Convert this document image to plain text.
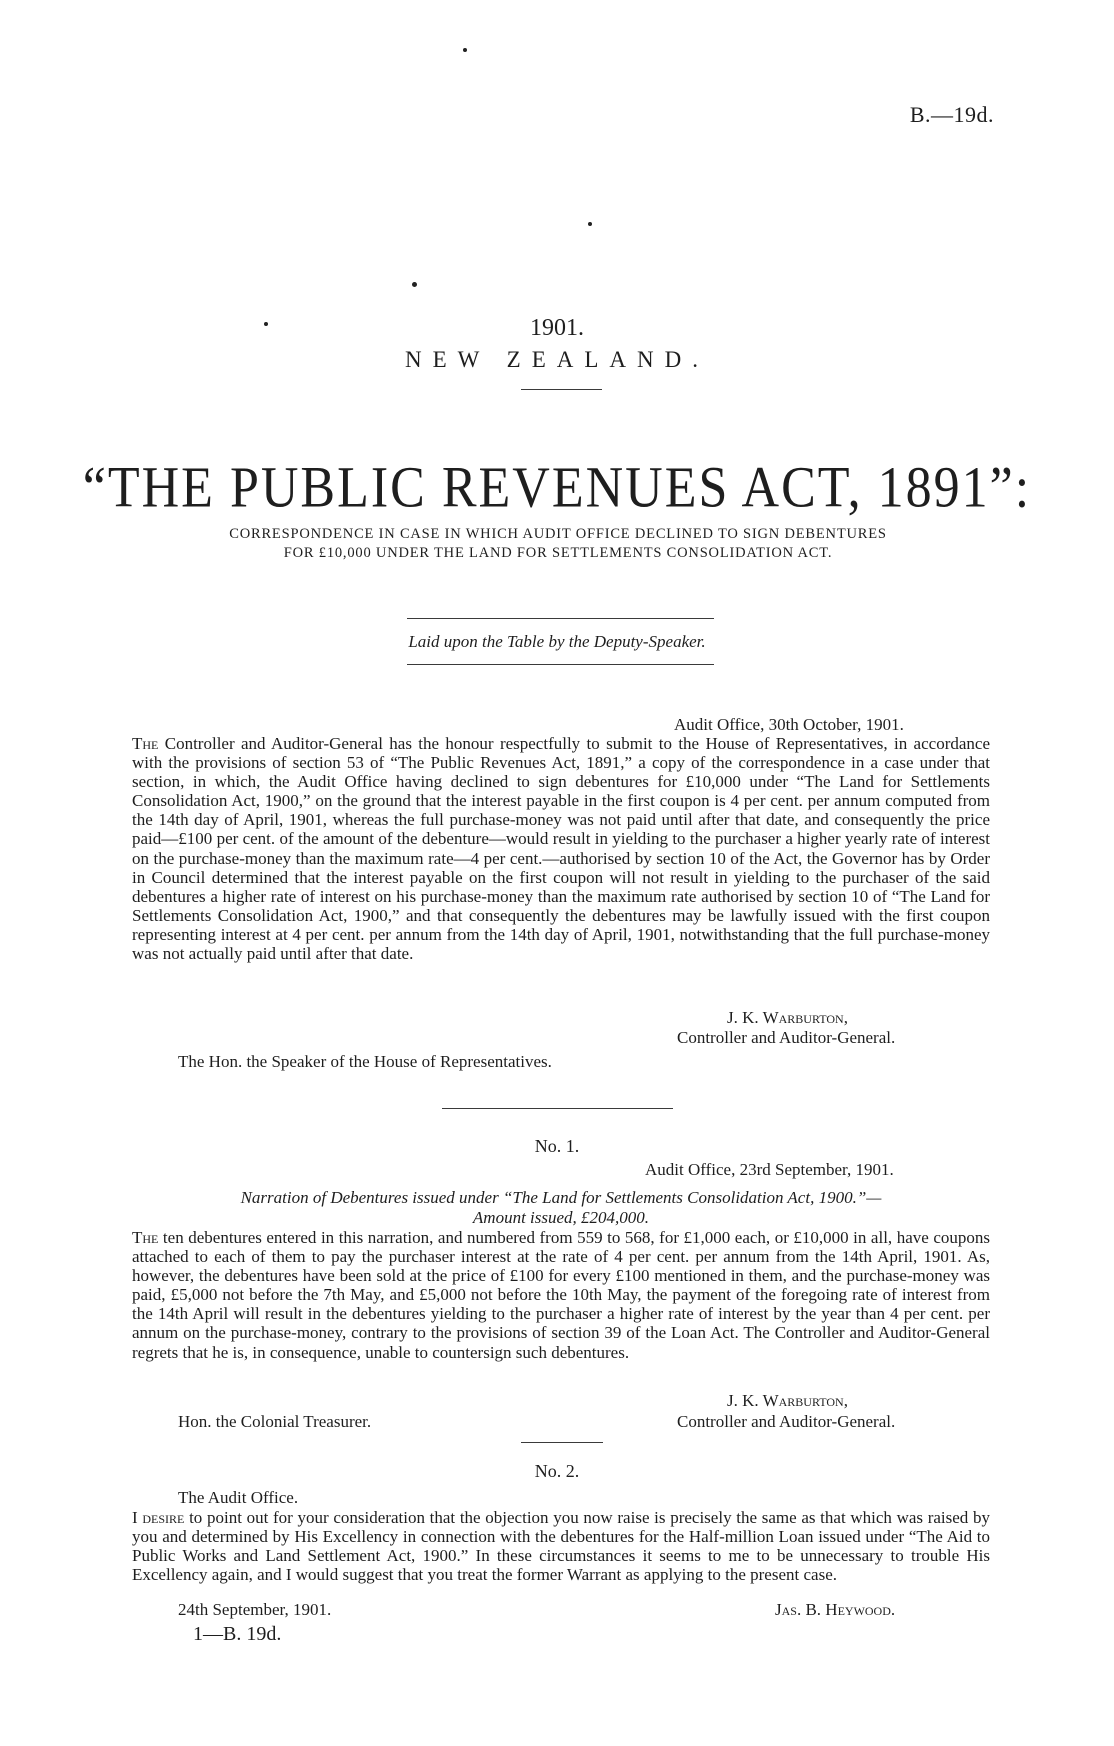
B.—19d.
1901.
NEW ZEALAND.
“THE PUBLIC REVENUES ACT, 1891”:
CORRESPONDENCE IN CASE IN WHICH AUDIT OFFICE DECLINED TO SIGN DEBENTURES
FOR £10,000 UNDER THE LAND FOR SETTLEMENTS CONSOLIDATION ACT.
Laid upon the Table by the Deputy-Speaker.
Audit Office, 30th October, 1901.
The Controller and Auditor-General has the honour respectfully to submit to the House of Representatives, in accordance with the provisions of section 53 of “The Public Revenues Act, 1891,” a copy of the correspondence in a case under that section, in which, the Audit Office having declined to sign debentures for £10,000 under “The Land for Settlements Consolidation Act, 1900,” on the ground that the interest payable in the first coupon is 4 per cent. per annum computed from the 14th day of April, 1901, whereas the full purchase-money was not paid until after that date, and consequently the price paid—£100 per cent. of the amount of the debenture—would result in yielding to the purchaser a higher yearly rate of interest on the purchase-money than the maximum rate—4 per cent.—authorised by section 10 of the Act, the Governor has by Order in Council determined that the interest payable on the first coupon will not result in yielding to the purchaser of the said debentures a higher rate of interest on his purchase-money than the maximum rate authorised by section 10 of “The Land for Settlements Consolidation Act, 1900,” and that consequently the debentures may be lawfully issued with the first coupon representing interest at 4 per cent. per annum from the 14th day of April, 1901, notwithstanding that the full purchase-money was not actually paid until after that date.
J. K. Warburton,
Controller and Auditor-General.
The Hon. the Speaker of the House of Representatives.
No. 1.
Audit Office, 23rd September, 1901.
Narration of Debentures issued under “The Land for Settlements Consolidation Act, 1900.”—
Amount issued, £204,000.
The ten debentures entered in this narration, and numbered from 559 to 568, for £1,000 each, or £10,000 in all, have coupons attached to each of them to pay the purchaser interest at the rate of 4 per cent. per annum from the 14th April, 1901. As, however, the debentures have been sold at the price of £100 for every £100 mentioned in them, and the purchase-money was paid, £5,000 not before the 7th May, and £5,000 not before the 10th May, the payment of the foregoing rate of interest from the 14th April will result in the debentures yielding to the purchaser a higher rate of interest by the year than 4 per cent. per annum on the purchase-money, contrary to the provisions of section 39 of the Loan Act. The Controller and Auditor-General regrets that he is, in consequence, unable to countersign such debentures.
J. K. Warburton,
Hon. the Colonial Treasurer.	Controller and Auditor-General.
No. 2.
The Audit Office.
I desire to point out for your consideration that the objection you now raise is precisely the same as that which was raised by you and determined by His Excellency in connection with the debentures for the Half-million Loan issued under “The Aid to Public Works and Land Settlement Act, 1900.” In these circumstances it seems to me to be unnecessary to trouble His Excellency again, and I would suggest that you treat the former Warrant as applying to the present case.
24th September, 1901.	Jas. B. Heywood.
1—B. 19d.
